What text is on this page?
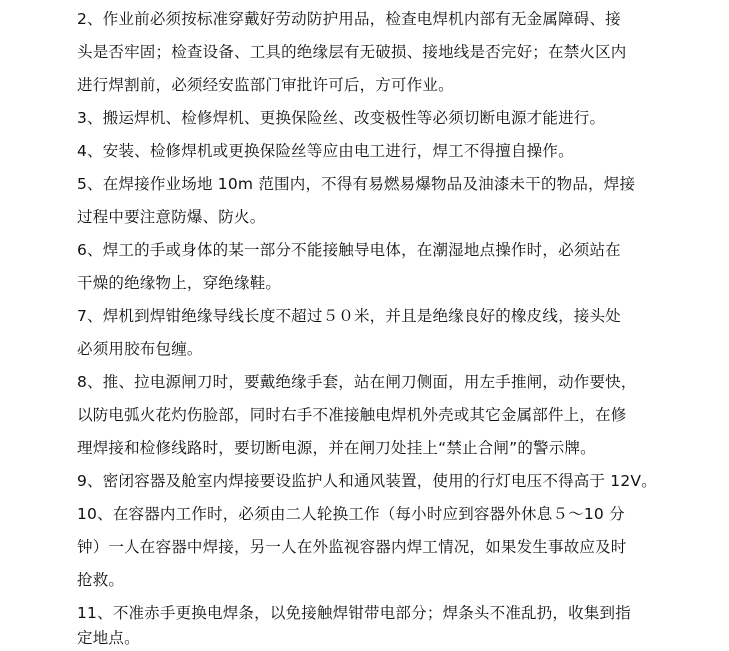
2、作业前必须按标准穿戴好劳动防护用品，检查电焊机内部有无金属障碍、接
头是否牢固；检查设备、工具的绝缘层有无破损、接地线是否完好；在禁火区内
进行焊割前，必须经安监部门审批许可后，方可作业。
3、搬运焊机、检修焊机、更换保险丝、改变极性等必须切断电源才能进行。
4、安装、检修焊机或更换保险丝等应由电工进行，焊工不得擅自操作。
5、在焊接作业场地 10m 范围内，不得有易燃易爆物品及油漆未干的物品，焊接
过程中要注意防爆、防火。
6、焊工的手或身体的某一部分不能接触导电体，在潮湿地点操作时，必须站在
干燥的绝缘物上，穿绝缘鞋。
7、焊机到焊钳绝缘导线长度不超过５０米，并且是绝缘良好的橡皮线，接头处
必须用胶布包缠。
8、推、拉电源闸刀时，要戴绝缘手套，站在闸刀侧面，用左手推闸，动作要快，
以防电弧火花灼伤脸部，同时右手不准接触电焊机外壳或其它金属部件上，在修
理焊接和检修线路时，要切断电源，并在闸刀处挂上“禁止合闸”的警示牌。
9、密闭容器及舱室内焊接要设监护人和通风装置，使用的行灯电压不得高于 12V。
10、在容器内工作时，必须由二人轮换工作（每小时应到容器外休息５～10 分
钟）一人在容器中焊接，另一人在外监视容器内焊工情况，如果发生事故应及时
抢救。
11、不准赤手更换电焊条，以免接触焊钳带电部分；焊条头不准乱扔，收集到指
定地点。
